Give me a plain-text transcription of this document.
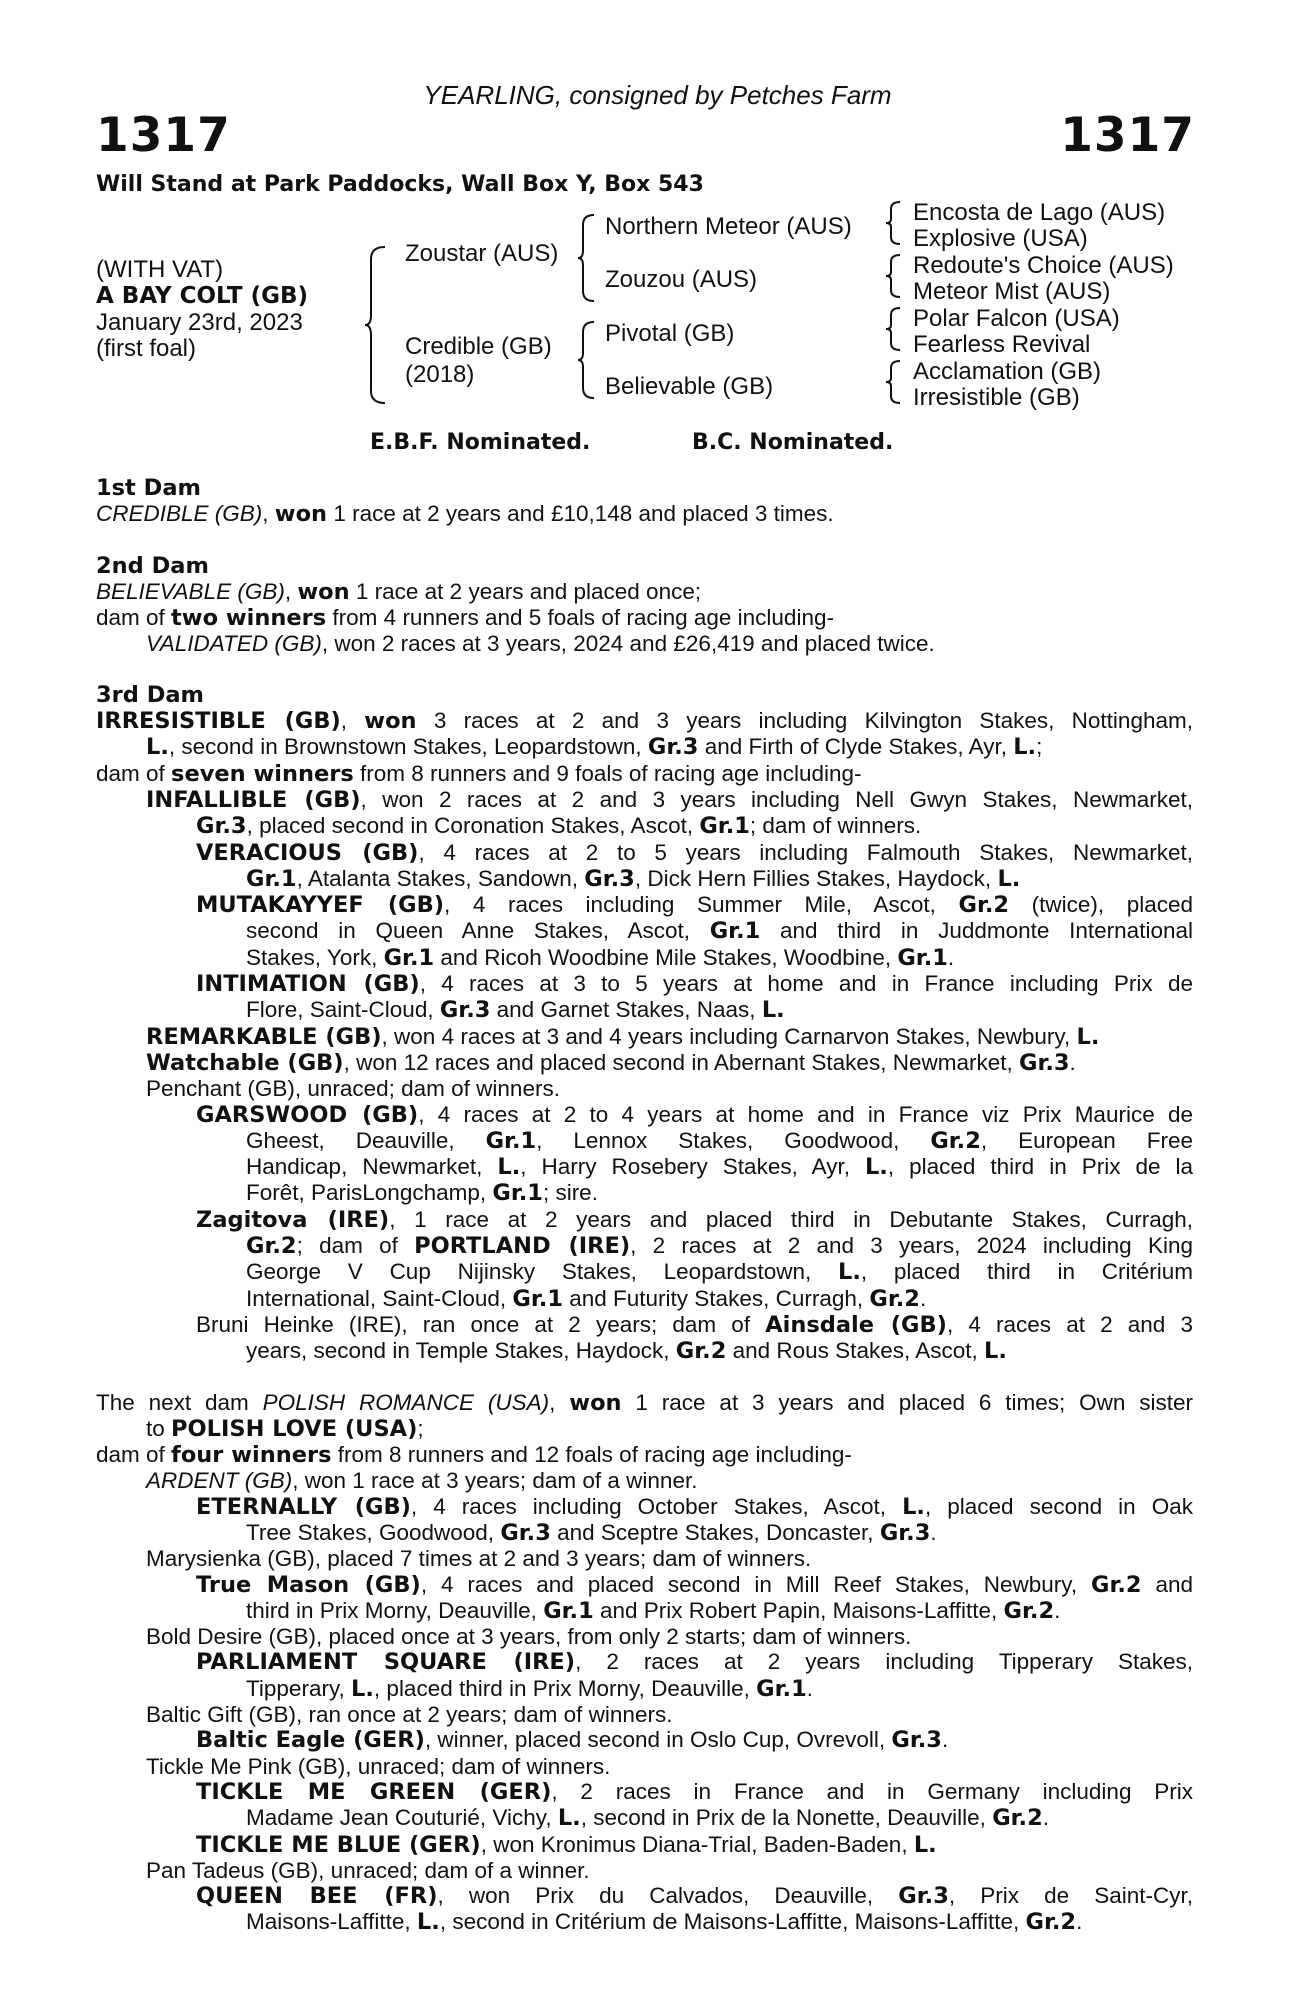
YEARLING, consigned by Petches Farm
1317	1317
Will Stand at Park Paddocks, Wall Box Y, Box 543
(WITH VAT)
A BAY COLT (GB)
January 23rd, 2023
(first foal)
Zoustar (AUS)
Credible (GB)
(2018)
Northern Meteor (AUS)
Zouzou (AUS)
Pivotal (GB)
Believable (GB)
Encosta de Lago (AUS)
Explosive (USA)
Redoute's Choice (AUS)
Meteor Mist (AUS)
Polar Falcon (USA)
Fearless Revival
Acclamation (GB)
Irresistible (GB)
E.B.F. Nominated.	B.C. Nominated.
1st Dam
CREDIBLE (GB), won 1 race at 2 years and £10,148 and placed 3 times.
2nd Dam
BELIEVABLE (GB), won 1 race at 2 years and placed once;
dam of two winners from 4 runners and 5 foals of racing age including-
VALIDATED (GB), won 2 races at 3 years, 2024 and £26,419 and placed twice.
3rd Dam
IRRESISTIBLE (GB), won 3 races at 2 and 3 years including Kilvington Stakes, Nottingham,
L., second in Brownstown Stakes, Leopardstown, Gr.3 and Firth of Clyde Stakes, Ayr, L.;
dam of seven winners from 8 runners and 9 foals of racing age including-
INFALLIBLE (GB), won 2 races at 2 and 3 years including Nell Gwyn Stakes, Newmarket,
Gr.3, placed second in Coronation Stakes, Ascot, Gr.1; dam of winners.
VERACIOUS (GB), 4 races at 2 to 5 years including Falmouth Stakes, Newmarket,
Gr.1, Atalanta Stakes, Sandown, Gr.3, Dick Hern Fillies Stakes, Haydock, L.
MUTAKAYYEF (GB), 4 races including Summer Mile, Ascot, Gr.2 (twice), placed
second in Queen Anne Stakes, Ascot, Gr.1 and third in Juddmonte International
Stakes, York, Gr.1 and Ricoh Woodbine Mile Stakes, Woodbine, Gr.1.
INTIMATION (GB), 4 races at 3 to 5 years at home and in France including Prix de
Flore, Saint-Cloud, Gr.3 and Garnet Stakes, Naas, L.
REMARKABLE (GB), won 4 races at 3 and 4 years including Carnarvon Stakes, Newbury, L.
Watchable (GB), won 12 races and placed second in Abernant Stakes, Newmarket, Gr.3.
Penchant (GB), unraced; dam of winners.
GARSWOOD (GB), 4 races at 2 to 4 years at home and in France viz Prix Maurice de
Gheest, Deauville, Gr.1, Lennox Stakes, Goodwood, Gr.2, European Free
Handicap, Newmarket, L., Harry Rosebery Stakes, Ayr, L., placed third in Prix de la
Forêt, ParisLongchamp, Gr.1; sire.
Zagitova (IRE), 1 race at 2 years and placed third in Debutante Stakes, Curragh,
Gr.2; dam of PORTLAND (IRE), 2 races at 2 and 3 years, 2024 including King
George V Cup Nijinsky Stakes, Leopardstown, L., placed third in Critérium
International, Saint-Cloud, Gr.1 and Futurity Stakes, Curragh, Gr.2.
Bruni Heinke (IRE), ran once at 2 years; dam of Ainsdale (GB), 4 races at 2 and 3
years, second in Temple Stakes, Haydock, Gr.2 and Rous Stakes, Ascot, L.
The next dam POLISH ROMANCE (USA), won 1 race at 3 years and placed 6 times; Own sister
to POLISH LOVE (USA);
dam of four winners from 8 runners and 12 foals of racing age including-
ARDENT (GB), won 1 race at 3 years; dam of a winner.
ETERNALLY (GB), 4 races including October Stakes, Ascot, L., placed second in Oak
Tree Stakes, Goodwood, Gr.3 and Sceptre Stakes, Doncaster, Gr.3.
Marysienka (GB), placed 7 times at 2 and 3 years; dam of winners.
True Mason (GB), 4 races and placed second in Mill Reef Stakes, Newbury, Gr.2 and
third in Prix Morny, Deauville, Gr.1 and Prix Robert Papin, Maisons-Laffitte, Gr.2.
Bold Desire (GB), placed once at 3 years, from only 2 starts; dam of winners.
PARLIAMENT SQUARE (IRE), 2 races at 2 years including Tipperary Stakes,
Tipperary, L., placed third in Prix Morny, Deauville, Gr.1.
Baltic Gift (GB), ran once at 2 years; dam of winners.
Baltic Eagle (GER), winner, placed second in Oslo Cup, Ovrevoll, Gr.3.
Tickle Me Pink (GB), unraced; dam of winners.
TICKLE ME GREEN (GER), 2 races in France and in Germany including Prix
Madame Jean Couturié, Vichy, L., second in Prix de la Nonette, Deauville, Gr.2.
TICKLE ME BLUE (GER), won Kronimus Diana-Trial, Baden-Baden, L.
Pan Tadeus (GB), unraced; dam of a winner.
QUEEN BEE (FR), won Prix du Calvados, Deauville, Gr.3, Prix de Saint-Cyr,
Maisons-Laffitte, L., second in Critérium de Maisons-Laffitte, Maisons-Laffitte, Gr.2.
